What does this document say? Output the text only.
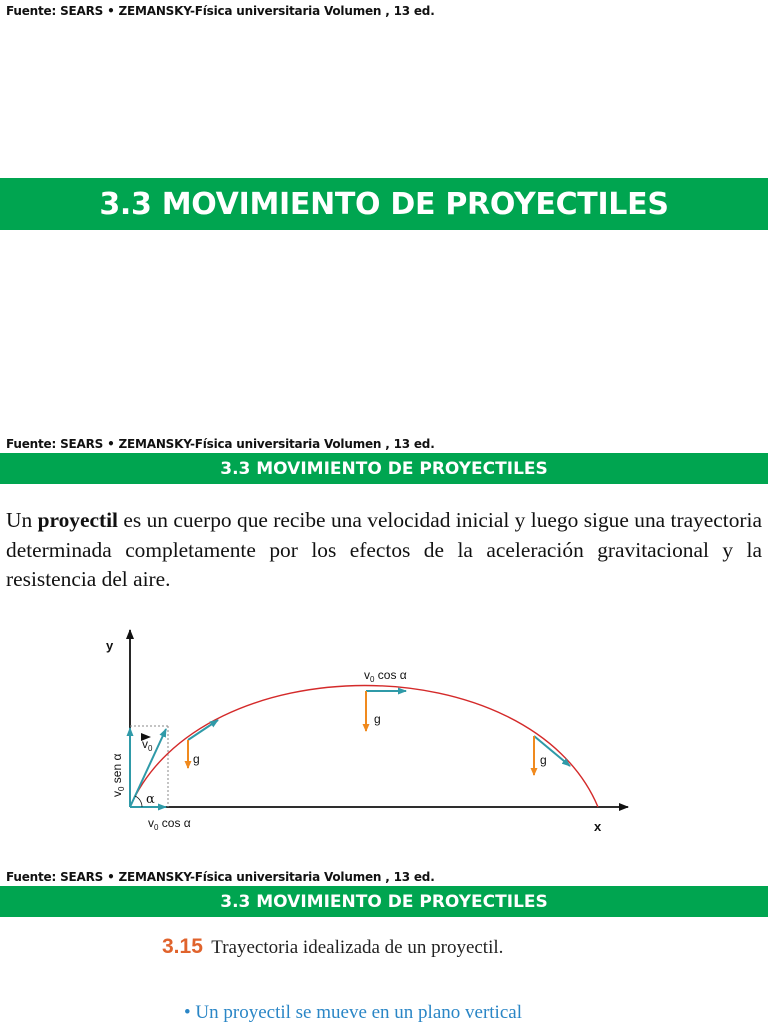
Fuente: SEARS • ZEMANSKY-Física universitaria Volumen , 13 ed.
3.3 MOVIMIENTO DE PROYECTILES
Fuente: SEARS • ZEMANSKY-Física universitaria Volumen , 13 ed.
3.3 MOVIMIENTO DE PROYECTILES

Un proyectil es un cuerpo que recibe una velocidad inicial y luego sigue una trayectoria determinada completamente por los efectos de la aceleración gravitacional y la resistencia del aire.

y
x
α
$v_0$
$v_0$ sen α
$v_0$ cos α
g
g
$v_0$ cos α
g
Fuente: SEARS • ZEMANSKY-Física universitaria Volumen , 13 ed.
3.3 MOVIMIENTO DE PROYECTILES
3.15 Trayectoria idealizada de un proyectil.
• Un proyectil se mueve en un plano vertical
